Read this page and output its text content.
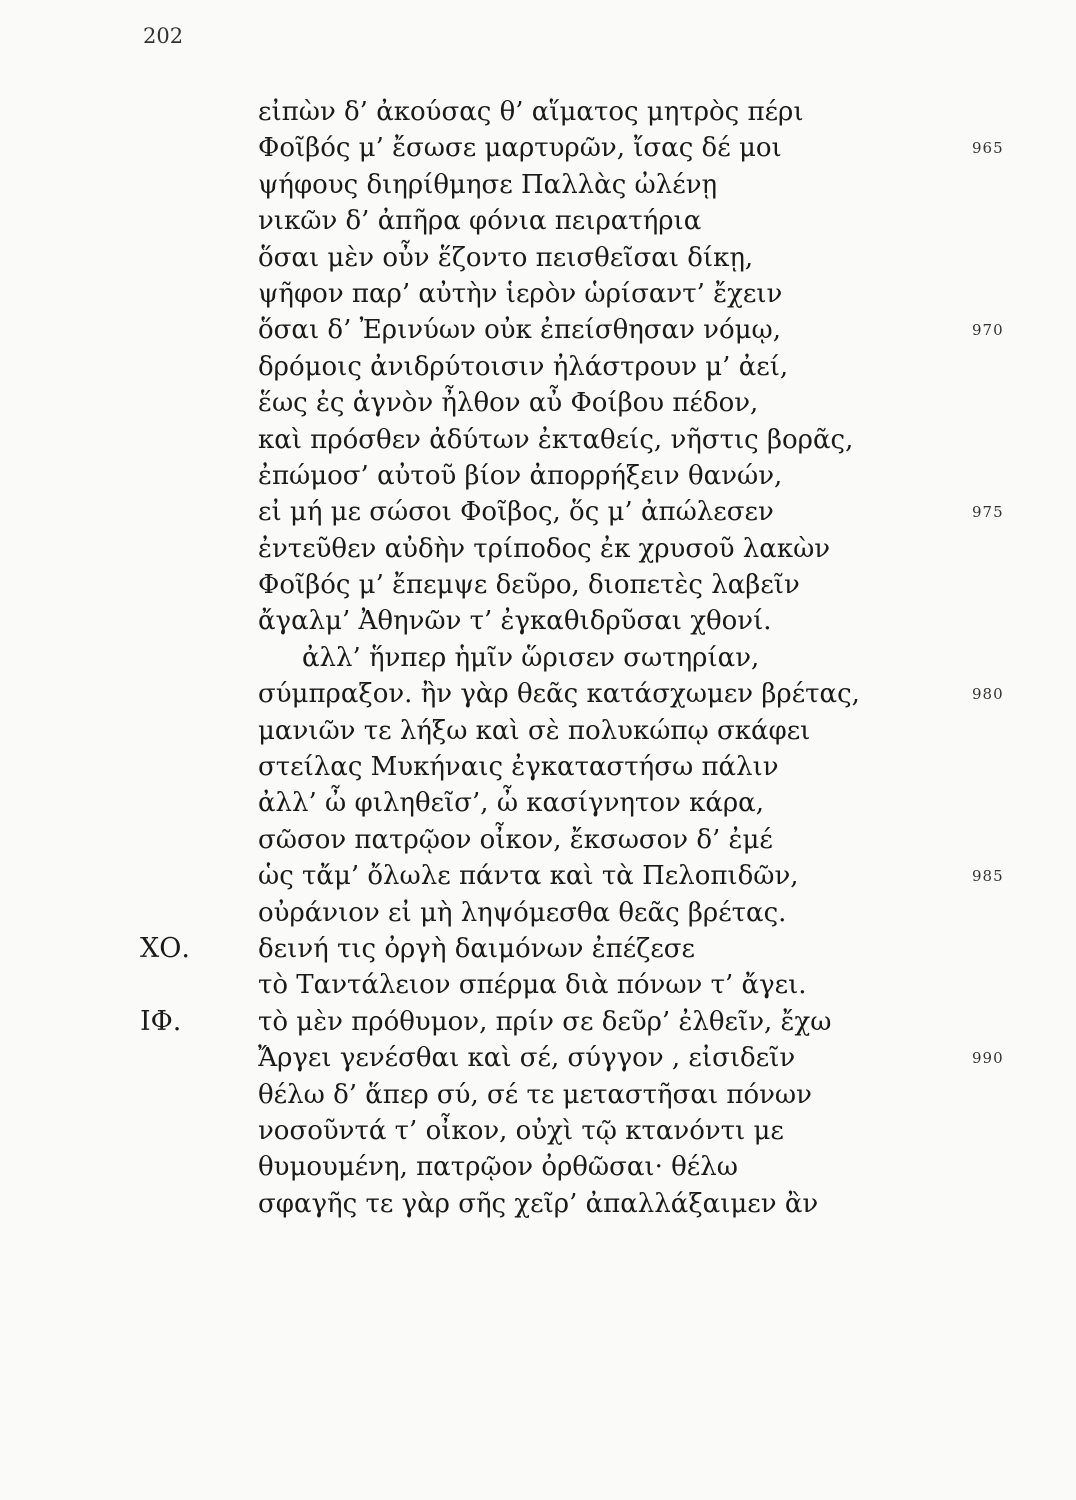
202
εἰπὼν δ’ ἀκούσας θ’ αἵματος μητρὸς πέρι
Φοῖβός μ’ ἔσωσε μαρτυρῶν, ἴσας δέ μοι	965
ψήφους διηρίθμησε Παλλὰς ὠλένῃ
νικῶν δ’ ἀπῆρα φόνια πειρατήρια
ὅσαι μὲν οὖν ἕζοντο πεισθεῖσαι δίκῃ,
ψῆφον παρ’ αὐτὴν ἱερὸν ὡρίσαντ’ ἔχειν
ὅσαι δ’ Ἐρινύων οὐκ ἐπείσθησαν νόμῳ,	970
δρόμοις ἀνιδρύτοισιν ἠλάστρουν μ’ ἀεί,
ἕως ἐς ἁγνὸν ἦλθον αὖ Φοίβου πέδον,
καὶ πρόσθεν ἀδύτων ἐκταθείς, νῆστις βορᾶς,
ἐπώμοσ’ αὐτοῦ βίον ἀπορρήξειν θανών,
εἰ μή με σώσοι Φοῖβος, ὅς μ’ ἀπώλεσεν	975
ἐντεῦθεν αὐδὴν τρίποδος ἐκ χρυσοῦ λακὼν
Φοῖβός μ’ ἔπεμψε δεῦρο, διοπετὲς λαβεῖν
ἄγαλμ’ Ἀθηνῶν τ’ ἐγκαθιδρῦσαι χθονί.
ἀλλ’ ἥνπερ ἡμῖν ὥρισεν σωτηρίαν,
σύμπραξον. ἢν γὰρ θεᾶς κατάσχωμεν βρέτας,	980
μανιῶν τε λήξω καὶ σὲ πολυκώπῳ σκάφει
στείλας Μυκήναις ἐγκαταστήσω πάλιν
ἀλλ’ ὦ φιληθεῖσ’, ὦ κασίγνητον κάρα,
σῶσον πατρῷον οἶκον, ἔκσωσον δ’ ἐμέ
ὡς τἄμ’ ὄλωλε πάντα καὶ τὰ Πελοπιδῶν,	985
οὐράνιον εἰ μὴ ληψόμεσθα θεᾶς βρέτας.
ΧΟ.	δεινή τις ὀργὴ δαιμόνων ἐπέζεσε
τὸ Ταντάλειον σπέρμα διὰ πόνων τ’ ἄγει.
ΙΦ.	τὸ μὲν πρόθυμον, πρίν σε δεῦρ’ ἐλθεῖν, ἔχω
Ἄργει γενέσθαι καὶ σέ, σύγγον , εἰσιδεῖν	990
θέλω δ’ ἅπερ σύ, σέ τε μεταστῆσαι πόνων
νοσοῦντά τ’ οἶκον, οὐχὶ τῷ κτανόντι με
θυμουμένη, πατρῷον ὀρθῶσαι· θέλω
σφαγῆς τε γὰρ σῆς χεῖρ’ ἀπαλλάξαιμεν ἂν
